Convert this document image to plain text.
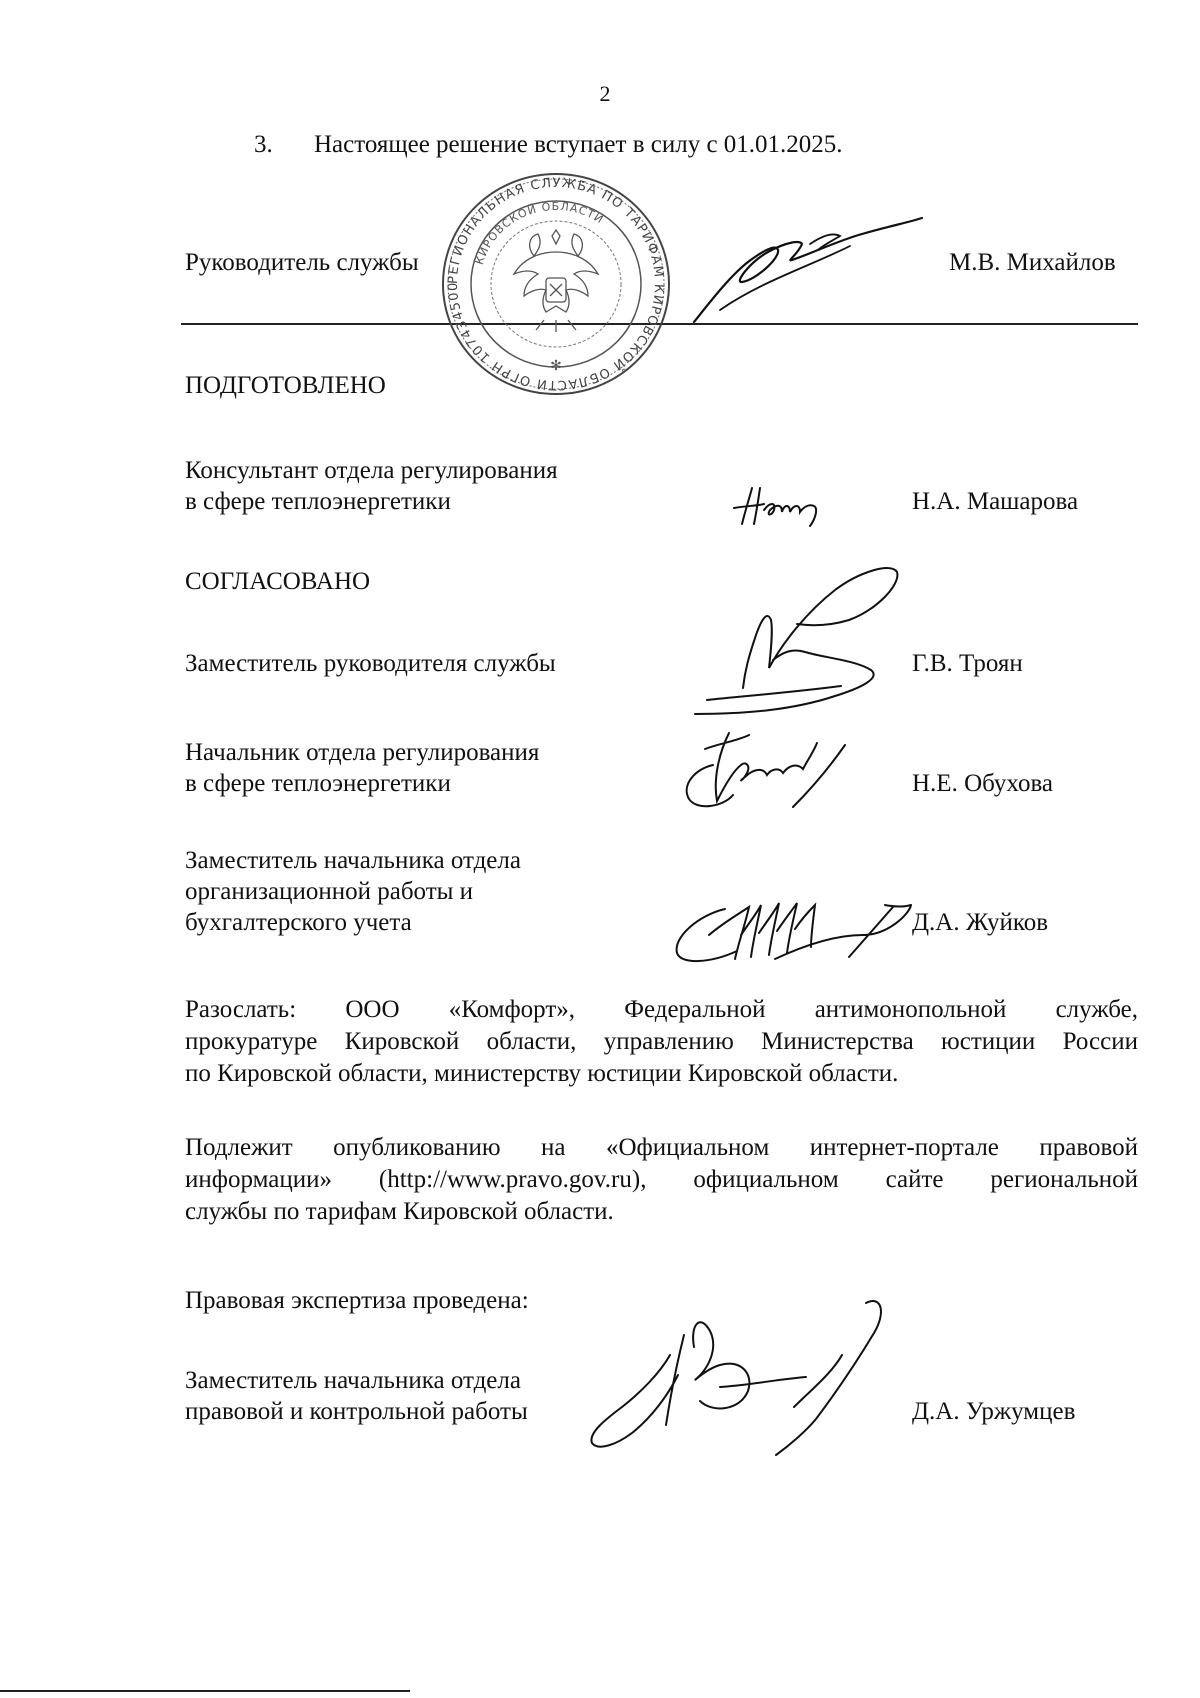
2
3. Настоящее решение вступает в силу с 01.01.2025.
Руководитель службы	М.В. Михайлов
РЕГИОНАЛЬНАЯ СЛУЖБА ПО ТАРИФАМ КИРОВСКОЙ ОБЛАСТИ ОГРН 1074345002665
КИРОВСКОЙ ОБЛАСТИ
✻
ПОДГОТОВЛЕНО
Консультант отдела регулирования
в сфере теплоэнергетики	Н.А. Машарова
СОГЛАСОВАНО
Заместитель руководителя службы	Г.В. Троян
Начальник отдела регулирования
в сфере теплоэнергетики	Н.Е. Обухова
Заместитель начальника отдела
организационной работы и
бухгалтерского учета	Д.А. Жуйков
Разослать: ООО «Комфорт», Федеральной антимонопольной службе,
прокуратуре Кировской области, управлению Министерства юстиции России
по Кировской области, министерству юстиции Кировской области.
Подлежит опубликованию на «Официальном интернет-портале правовой
информации» (http://www.pravo.gov.ru), официальном сайте региональной
службы по тарифам Кировской области.
Правовая экспертиза проведена:
Заместитель начальника отдела
правовой и контрольной работы	Д.А. Уржумцев
